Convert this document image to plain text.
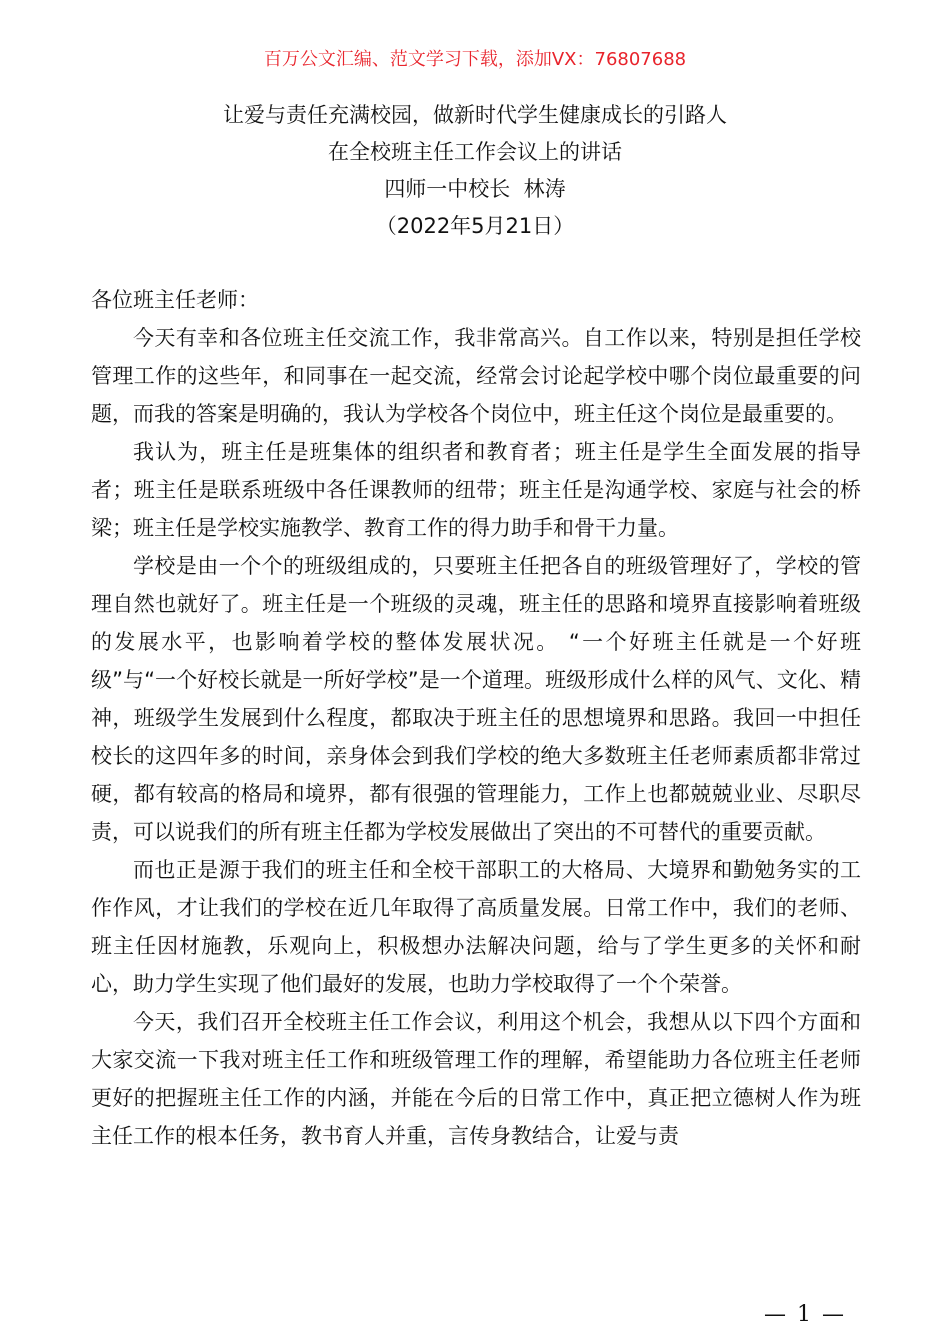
百万公文汇编、范文学习下载，添加VX：76807688
让爱与责任充满校园，做新时代学生健康成长的引路人
在全校班主任工作会议上的讲话
四师一中校长  林涛
（2022年5月21日）

各位班主任老师：

今天有幸和各位班主任交流工作，我非常高兴。自工作以来，特别是担任学校管理工作的这些年，和同事在一起交流，经常会讨论起学校中哪个岗位最重要的问题，而我的答案是明确的，我认为学校各个岗位中，班主任这个岗位是最重要的。

我认为，班主任是班集体的组织者和教育者；班主任是学生全面发展的指导者；班主任是联系班级中各任课教师的纽带；班主任是沟通学校、家庭与社会的桥梁；班主任是学校实施教学、教育工作的得力助手和骨干力量。

学校是由一个个的班级组成的，只要班主任把各自的班级管理好了，学校的管理自然也就好了。班主任是一个班级的灵魂，班主任的思路和境界直接影响着班级的发展水平，也影响着学校的整体发展状况。 “一个好班主任就是一个好班级”与“一个好校长就是一所好学校”是一个道理。班级形成什么样的风气、文化、精神，班级学生发展到什么程度，都取决于班主任的思想境界和思路。我回一中担任校长的这四年多的时间，亲身体会到我们学校的绝大多数班主任老师素质都非常过硬，都有较高的格局和境界，都有很强的管理能力，工作上也都兢兢业业、尽职尽责，可以说我们的所有班主任都为学校发展做出了突出的不可替代的重要贡献。

而也正是源于我们的班主任和全校干部职工的大格局、大境界和勤勉务实的工作作风，才让我们的学校在近几年取得了高质量发展。日常工作中，我们的老师、班主任因材施教，乐观向上，积极想办法解决问题，给与了学生更多的关怀和耐心，助力学生实现了他们最好的发展，也助力学校取得了一个个荣誉。

今天，我们召开全校班主任工作会议，利用这个机会，我想从以下四个方面和大家交流一下我对班主任工作和班级管理工作的理解，希望能助力各位班主任老师更好的把握班主任工作的内涵，并能在今后的日常工作中，真正把立德树人作为班主任工作的根本任务，教书育人并重，言传身教结合，让爱与责

— 1 —
